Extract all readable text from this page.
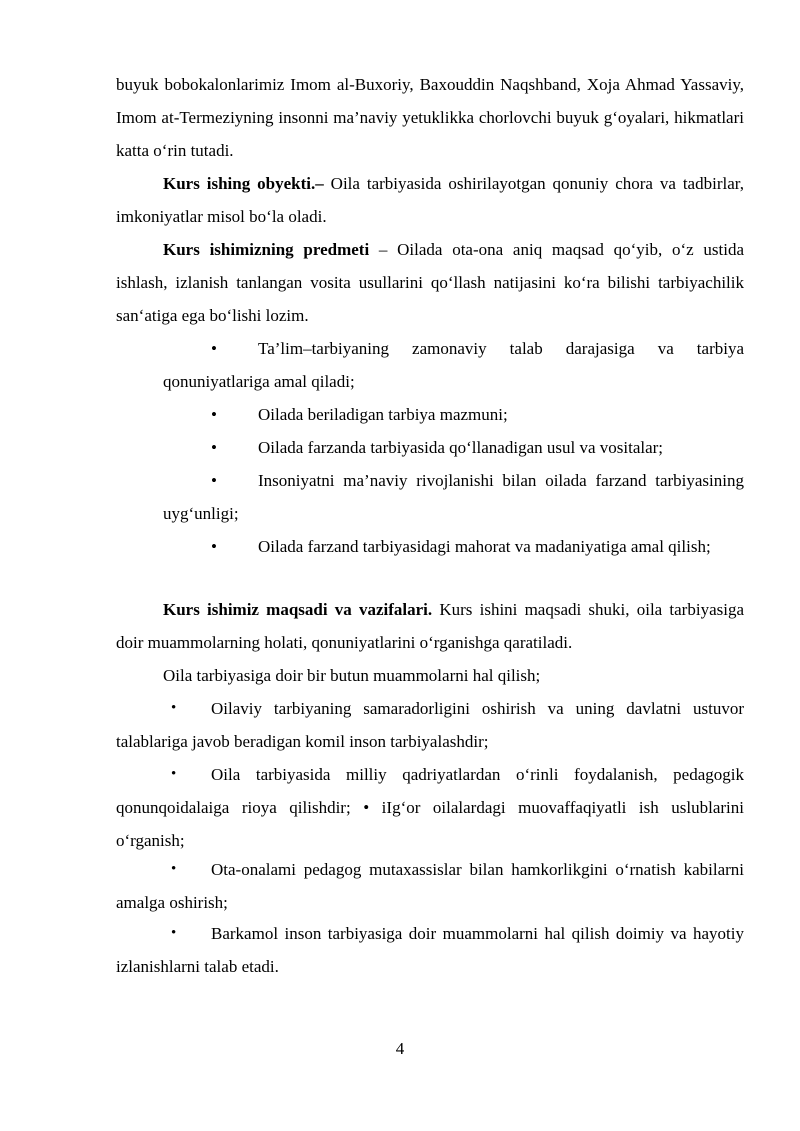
buyuk bobokalonlarimiz Imom al-Buxoriy, Baxouddin Naqshband, Xoja Ahmad Yassaviy, Imom at-Termeziyning insonni ma’naviy yetuklikka chorlovchi buyuk g‘oyalari, hikmatlari katta o‘rin tutadi.

Kurs ishing obyekti.– Oila tarbiyasida oshirilayotgan qonuniy chora va tadbirlar, imkoniyatlar misol bo‘la oladi.

Kurs ishimizning predmeti – Oilada ota-ona aniq maqsad qo‘yib, o‘z ustida ishlash, izlanish tanlangan vosita usullarini qo‘llash natijasini ko‘ra bilishi tarbiyachilik san‘atiga ega bo‘lishi lozim.

• Ta’lim–tarbiyaning zamonaviy talab darajasiga va tarbiya qonuniyatlariga amal qiladi;

• Oilada beriladigan tarbiya mazmuni;

• Oilada farzanda tarbiyasida qo‘llanadigan usul va vositalar;

• Insoniyatni ma’naviy rivojlanishi bilan oilada farzand tarbiyasining uyg‘unligi;

• Oilada farzand tarbiyasidagi mahorat va madaniyatiga amal qilish;

Kurs ishimiz maqsadi va vazifalari. Kurs ishini maqsadi shuki, oila tarbiyasiga doir muammolarning holati, qonuniyatlarini o‘rganishga qaratiladi.

Oila tarbiyasiga doir bir butun muammolarni hal qilish;

• Oilaviy tarbiyaning samaradorligini oshirish va uning davlatni ustuvor talablariga javob beradigan komil inson tarbiyalashdir;

• Oila tarbiyasida milliy qadriyatlardan o‘rinli foydalanish, pedagogik qonunqoidalaiga rioya qilishdir; • iIg‘or oilalardagi muovaffaqiyatli ish uslublarini o‘rganish;

• Ota-onalami pedagog mutaxassislar bilan hamkorlikgini o‘rnatish kabilarni amalga oshirish;

• Barkamol inson tarbiyasiga doir muammolarni hal qilish doimiy va hayotiy izlanishlarni talab etadi.

4
